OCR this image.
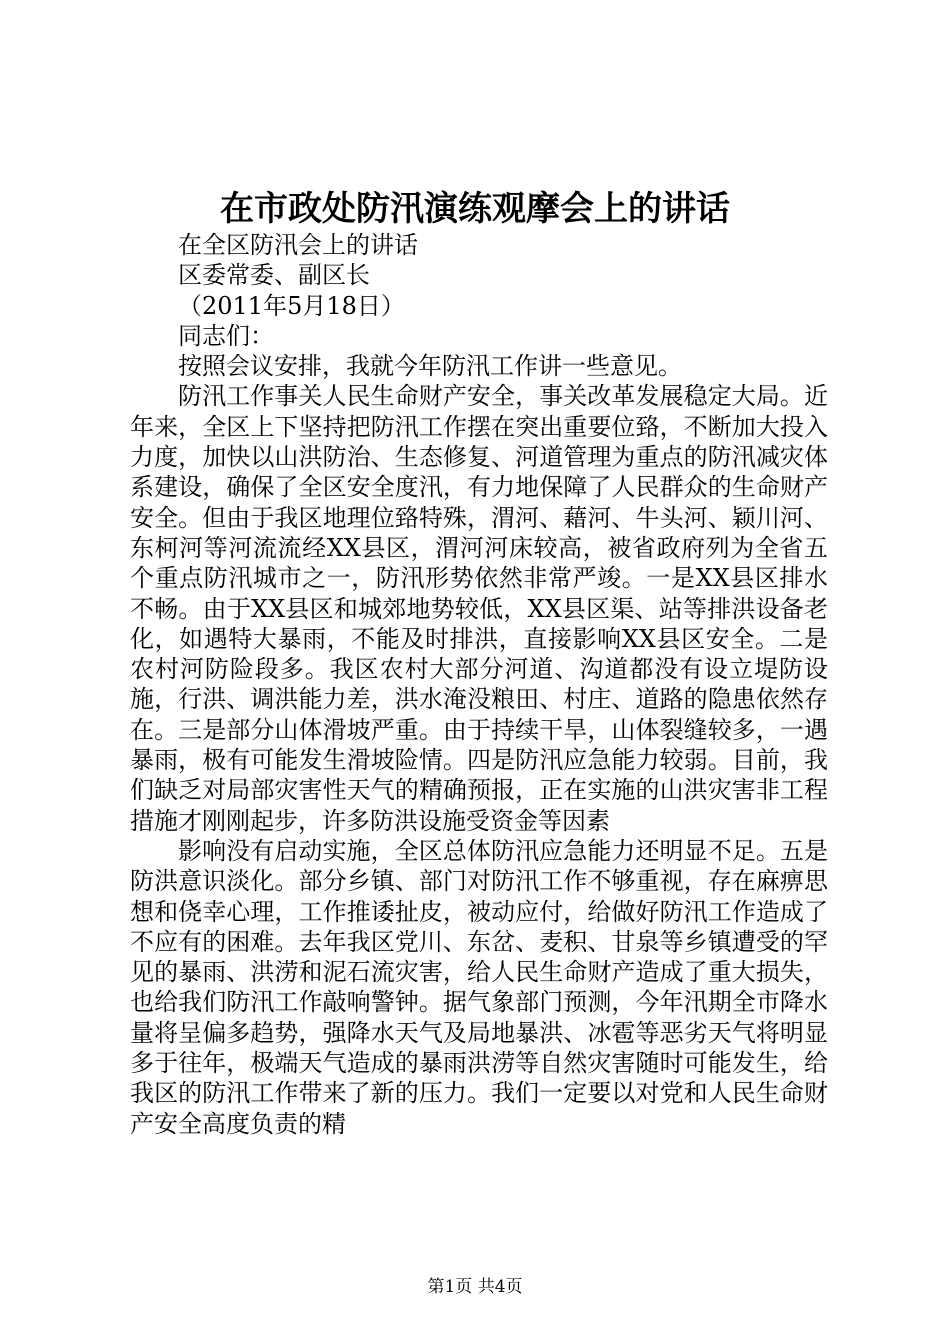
在市政处防汛演练观摩会上的讲话

在全区防汛会上的讲话

区委常委、副区长

（2011年5月18日）

同志们：

按照会议安排，我就今年防汛工作讲一些意见。

防汛工作事关人民生命财产安全，事关改革发展稳定大局。近年来，全区上下坚持把防汛工作摆在突出重要位臵，不断加大投入力度，加快以山洪防治、生态修复、河道管理为重点的防汛减灾体系建设，确保了全区安全度汛，有力地保障了人民群众的生命财产安全。但由于我区地理位臵特殊，渭河、藉河、牛头河、颖川河、东柯河等河流流经XX县区，渭河河床较高，被省政府列为全省五个重点防汛城市之一，防汛形势依然非常严竣。一是XX县区排水不畅。由于XX县区和城郊地势较低，XX县区渠、站等排洪设备老化，如遇特大暴雨，不能及时排洪，直接影响XX县区安全。二是农村河防险段多。我区农村大部分河道、沟道都没有设立堤防设施，行洪、调洪能力差，洪水淹没粮田、村庄、道路的隐患依然存在。三是部分山体滑坡严重。由于持续干旱，山体裂缝较多，一遇暴雨，极有可能发生滑坡险情。四是防汛应急能力较弱。目前，我们缺乏对局部灾害性天气的精确预报，正在实施的山洪灾害非工程措施才刚刚起步，许多防洪设施受资金等因素

影响没有启动实施，全区总体防汛应急能力还明显不足。五是防洪意识淡化。部分乡镇、部门对防汛工作不够重视，存在麻痹思想和侥幸心理，工作推诿扯皮，被动应付，给做好防汛工作造成了不应有的困难。去年我区党川、东岔、麦积、甘泉等乡镇遭受的罕见的暴雨、洪涝和泥石流灾害，给人民生命财产造成了重大损失，也给我们防汛工作敲响警钟。据气象部门预测，今年汛期全市降水量将呈偏多趋势，强降水天气及局地暴洪、冰雹等恶劣天气将明显多于往年，极端天气造成的暴雨洪涝等自然灾害随时可能发生，给我区的防汛工作带来了新的压力。我们一定要以对党和人民生命财产安全高度负责的精

第1页 共4页
